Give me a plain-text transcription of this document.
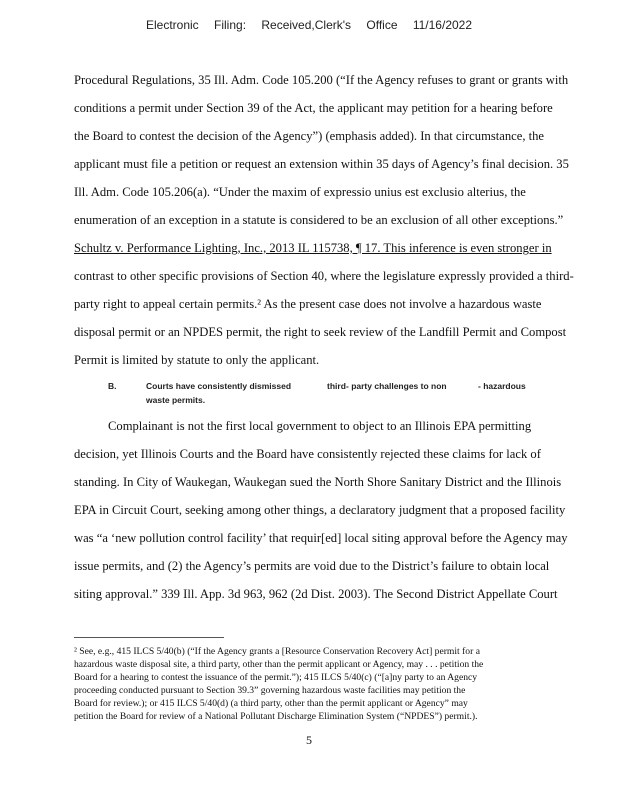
Electronic Filing: Received,Clerk's Office 11/16/2022
Procedural Regulations, 35 Ill. Adm. Code 105.200 (“If the Agency refuses to grant or grants with
conditions a permit under Section 39 of the Act, the applicant may petition for a hearing before
the Board to contest the decision of the Agency”) (emphasis added). In that circumstance, the
applicant must file a petition or request an extension within 35 days of Agency’s final decision. 35
Ill. Adm. Code 105.206(a). “Under the maxim of expressio unius est exclusio alterius, the
enumeration of an exception in a statute is considered to be an exclusion of all other exceptions.”
Schultz v. Performance Lighting, Inc., 2013 IL 115738, ¶ 17. This inference is even stronger in
contrast to other specific provisions of Section 40, where the legislature expressly provided a third-
party right to appeal certain permits.² As the present case does not involve a hazardous waste
disposal permit or an NPDES permit, the right to seek review of the Landfill Permit and Compost
Permit is limited by statute to only the applicant.
B.	Courts have consistently dismissed	third - party challenges to non	- hazardous
waste permits.
Complainant is not the first local government to object to an Illinois EPA permitting
decision, yet Illinois Courts and the Board have consistently rejected these claims for lack of
standing. In City of Waukegan, Waukegan sued the North Shore Sanitary District and the Illinois
EPA in Circuit Court, seeking among other things, a declaratory judgment that a proposed facility
was “a ‘new pollution control facility’ that requir[ed] local siting approval before the Agency may
issue permits, and (2) the Agency’s permits are void due to the District’s failure to obtain local
siting approval.” 339 Ill. App. 3d 963, 962 (2d Dist. 2003). The Second District Appellate Court
² See, e.g., 415 ILCS 5/40(b) (“If the Agency grants a [Resource Conservation Recovery Act] permit for a
hazardous waste disposal site, a third party, other than the permit applicant or Agency, may . . . petition the
Board for a hearing to contest the issuance of the permit.”); 415 ILCS 5/40(c) (“[a]ny party to an Agency
proceeding conducted pursuant to Section 39.3” governing hazardous waste facilities may petition the
Board for review.); or 415 ILCS 5/40(d) (a third party, other than the permit applicant or Agency” may
petition the Board for review of a National Pollutant Discharge Elimination System (“NPDES”) permit.).
5
